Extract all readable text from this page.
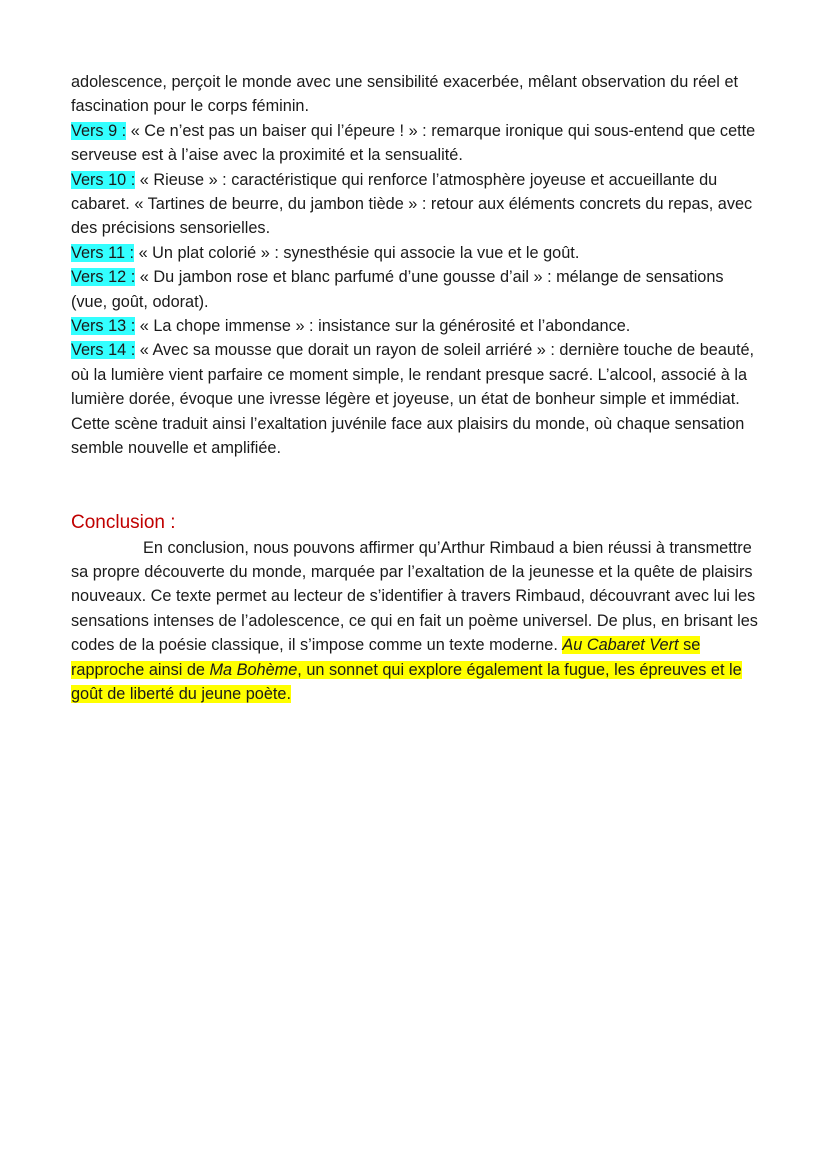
adolescence, perçoit le monde avec une sensibilité exacerbée, mêlant observation du réel et fascination pour le corps féminin.

Vers 9 : « Ce n’est pas un baiser qui l’épeure ! » : remarque ironique qui sous-entend que cette serveuse est à l’aise avec la proximité et la sensualité.

Vers 10 : « Rieuse » : caractéristique qui renforce l’atmosphère joyeuse et accueillante du cabaret. « Tartines de beurre, du jambon tiède » : retour aux éléments concrets du repas, avec des précisions sensorielles.

Vers 11 : « Un plat colorié » : synesthésie qui associe la vue et le goût.

Vers 12 : « Du jambon rose et blanc parfumé d’une gousse d’ail » : mélange de sensations (vue, goût, odorat).

Vers 13 : « La chope immense » : insistance sur la générosité et l’abondance.

Vers 14 : « Avec sa mousse que dorait un rayon de soleil arriéré » : dernière touche de beauté, où la lumière vient parfaire ce moment simple, le rendant presque sacré. L’alcool, associé à la lumière dorée, évoque une ivresse légère et joyeuse, un état de bonheur simple et immédiat. Cette scène traduit ainsi l’exaltation juvénile face aux plaisirs du monde, où chaque sensation semble nouvelle et amplifiée.

Conclusion :

En conclusion, nous pouvons affirmer qu’Arthur Rimbaud a bien réussi à transmettre sa propre découverte du monde, marquée par l’exaltation de la jeunesse et la quête de plaisirs nouveaux. Ce texte permet au lecteur de s’identifier à travers Rimbaud, découvrant avec lui les sensations intenses de l’adolescence, ce qui en fait un poème universel. De plus, en brisant les codes de la poésie classique, il s’impose comme un texte moderne. Au Cabaret Vert se rapproche ainsi de Ma Bohème, un sonnet qui explore également la fugue, les épreuves et le goût de liberté du jeune poète.
